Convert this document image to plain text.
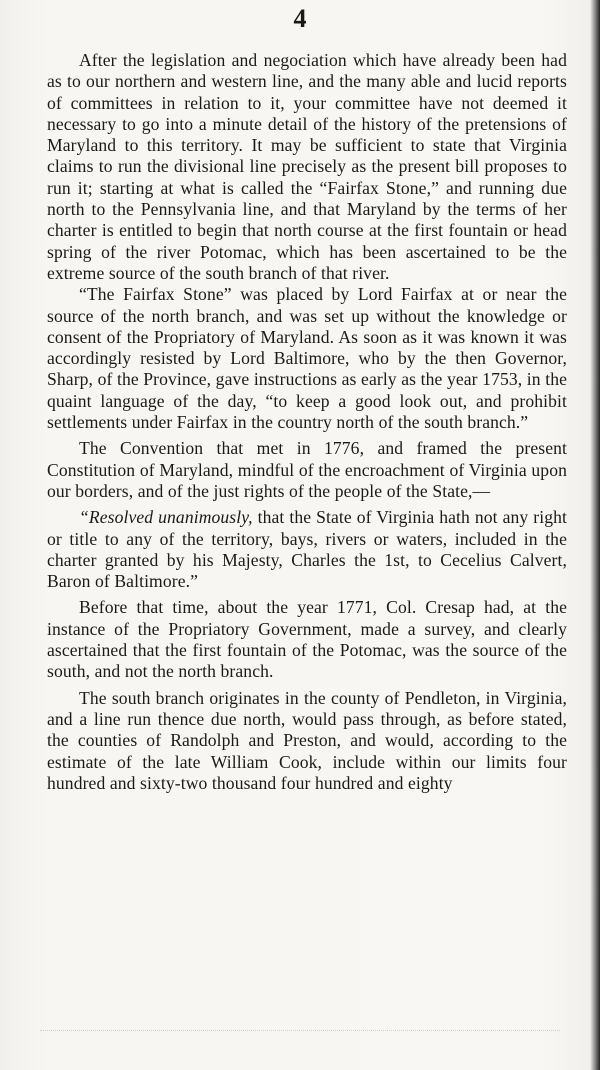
4

After the legislation and negociation which have already been had as to our northern and western line, and the many able and lucid reports of committees in relation to it, your committee have not deemed it necessary to go into a minute detail of the history of the pretensions of Maryland to this territory. It may be sufficient to state that Virginia claims to run the divisional line precisely as the present bill proposes to run it; starting at what is called the “Fairfax Stone,” and running due north to the Pennsylvania line, and that Maryland by the terms of her charter is entitled to begin that north course at the first fountain or head spring of the river Potomac, which has been ascertained to be the extreme source of the south branch of that river.

“The Fairfax Stone” was placed by Lord Fairfax at or near the source of the north branch, and was set up without the knowledge or consent of the Propriatory of Maryland. As soon as it was known it was accordingly resisted by Lord Baltimore, who by the then Governor, Sharp, of the Province, gave instructions as early as the year 1753, in the quaint language of the day, “to keep a good look out, and prohibit settlements under Fairfax in the country north of the south branch.”

The Convention that met in 1776, and framed the present Constitution of Maryland, mindful of the encroachment of Virginia upon our borders, and of the just rights of the people of the State,—

“Resolved unanimously, that the State of Virginia hath not any right or title to any of the territory, bays, rivers or waters, included in the charter granted by his Majesty, Charles the 1st, to Cecelius Calvert, Baron of Baltimore.”

Before that time, about the year 1771, Col. Cresap had, at the instance of the Propriatory Government, made a survey, and clearly ascertained that the first fountain of the Potomac, was the source of the south, and not the north branch.

The south branch originates in the county of Pendleton, in Virginia, and a line run thence due north, would pass through, as before stated, the counties of Randolph and Preston, and would, according to the estimate of the late William Cook, include within our limits four hundred and sixty-two thousand four hundred and eighty
